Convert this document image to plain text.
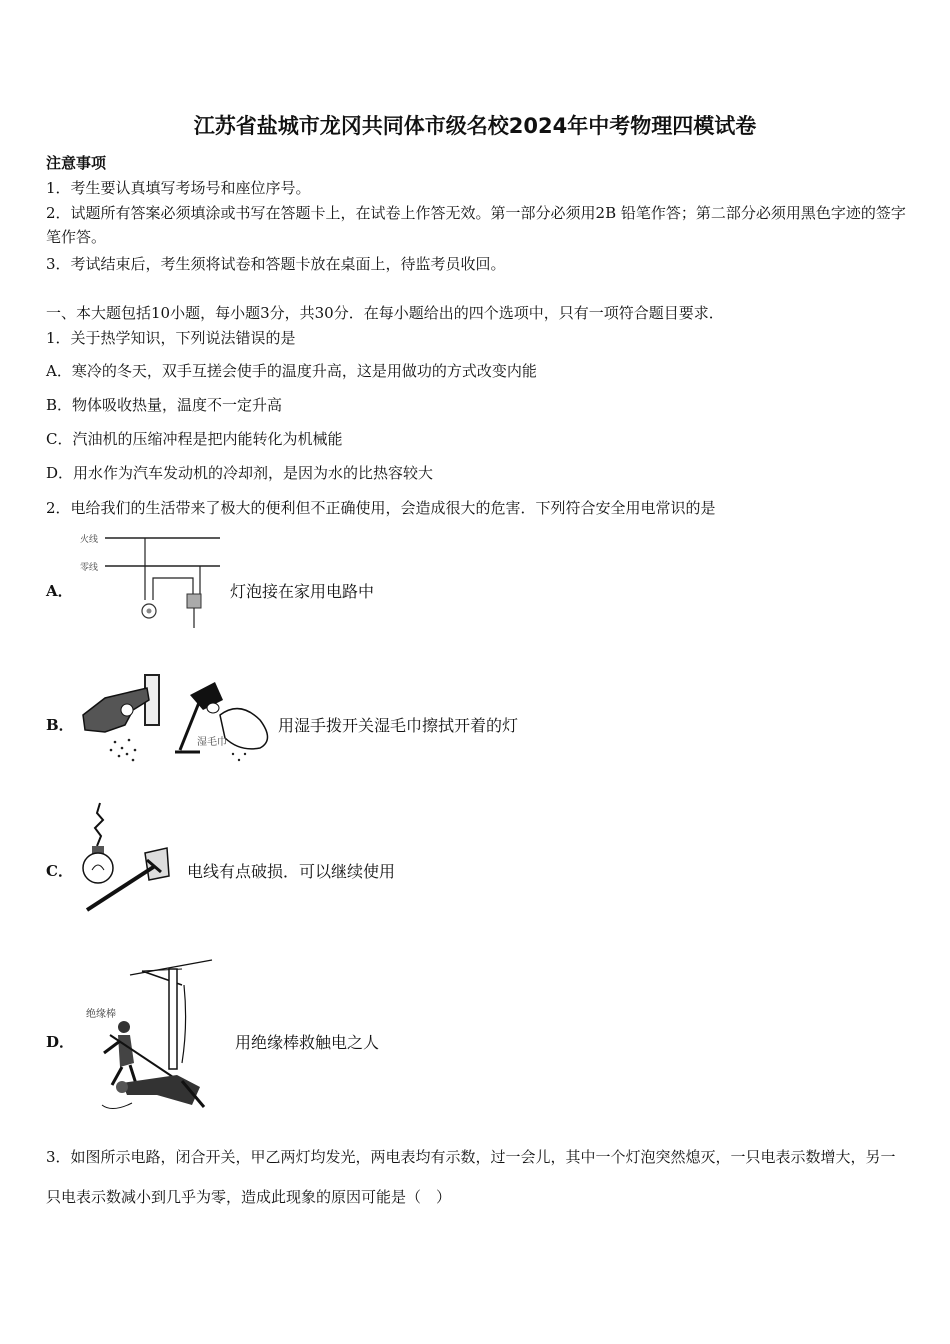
江苏省盐城市龙冈共同体市级名校2024年中考物理四模试卷
注意事项
1．考生要认真填写考场号和座位序号。
2．试题所有答案必须填涂或书写在答题卡上，在试卷上作答无效。第一部分必须用2B 铅笔作答；第二部分必须用黑色字迹的签字笔作答。
3．考试结束后，考生须将试卷和答题卡放在桌面上，待监考员收回。
一、本大题包括10小题，每小题3分，共30分．在每小题给出的四个选项中，只有一项符合题目要求．
1．关于热学知识，下列说法错误的是
A．寒冷的冬天，双手互搓会使手的温度升高，这是用做功的方式改变内能
B．物体吸收热量，温度不一定升高
C．汽油机的压缩冲程是把内能转化为机械能
D．用水作为汽车发动机的冷却剂，是因为水的比热容较大
2．电给我们的生活带来了极大的便利但不正确使用，会造成很大的危害．下列符合安全用电常识的是
A．
火线
零线
灯泡接在家用电路中
B．
湿毛巾
用湿手拨开关湿毛巾擦拭开着的灯
C．	电线有点破损．可以继续使用
D．
绝缘棒
用绝缘棒救触电之人
3．如图所示电路，闭合开关，甲乙两灯均发光，两电表均有示数，过一会儿，其中一个灯泡突然熄灭，一只电表示数增大，另一只电表示数减小到几乎为零，造成此现象的原因可能是（　）
